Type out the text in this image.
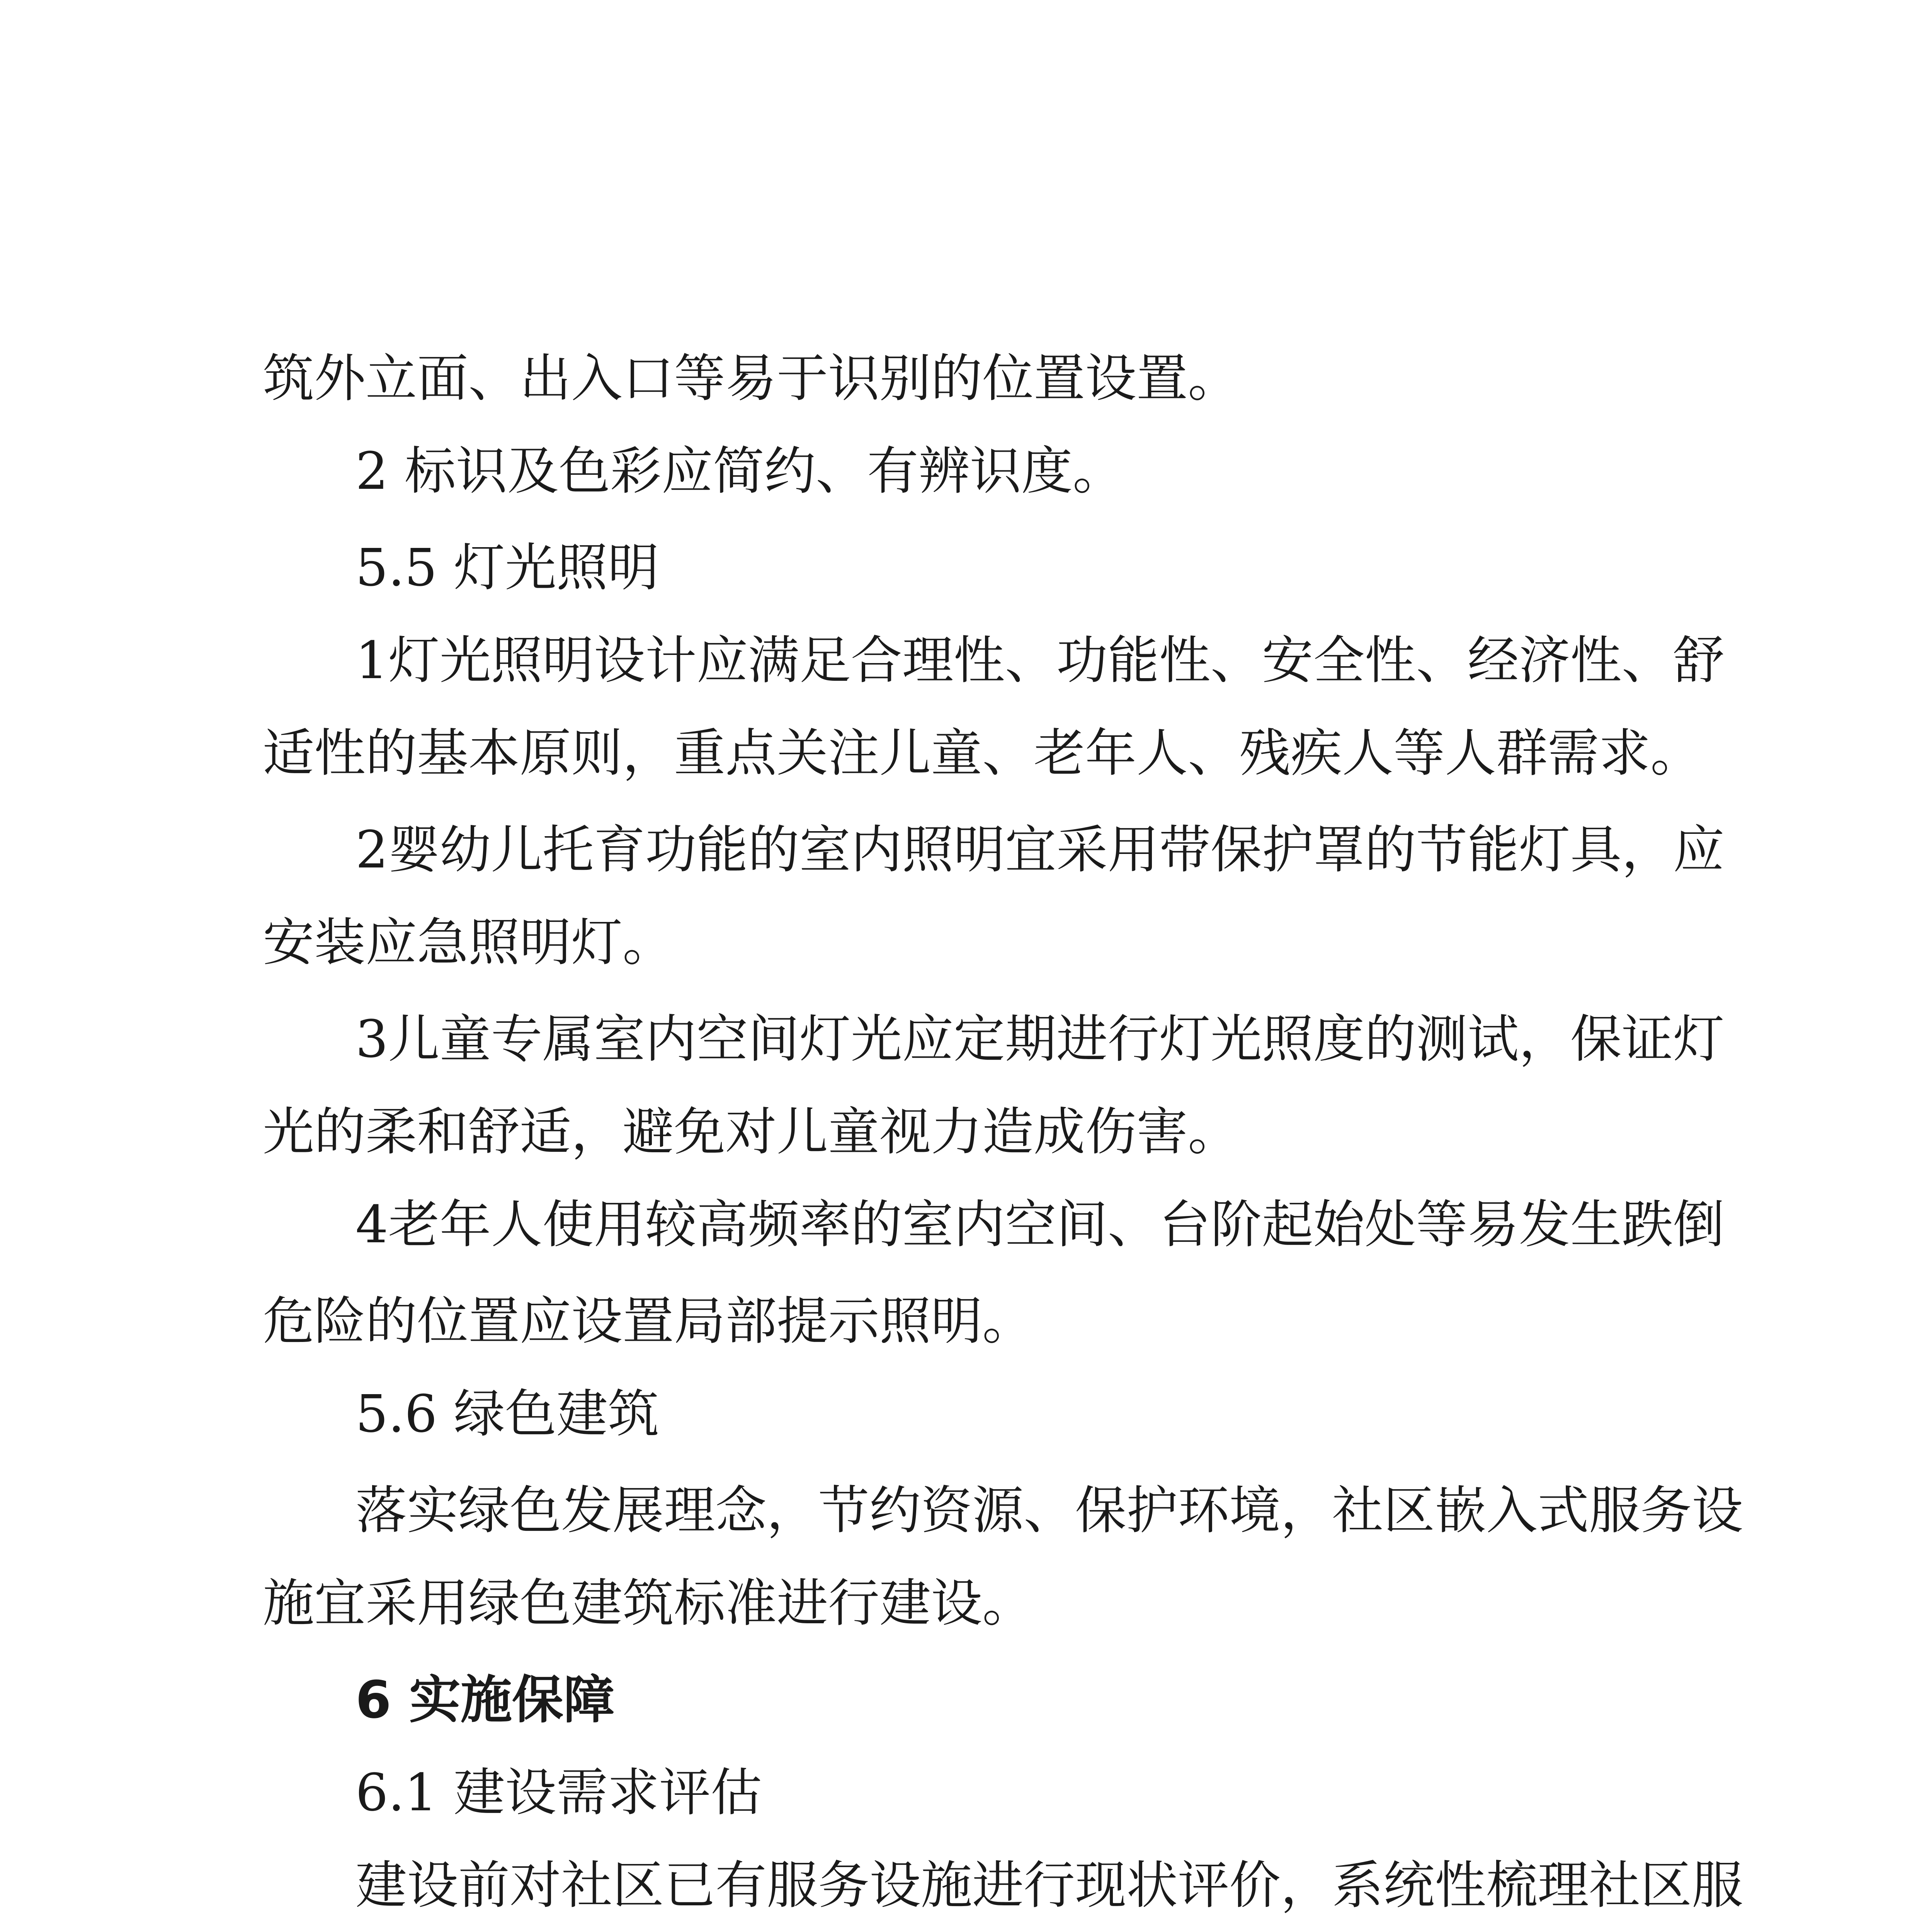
筑外立面、出入口等易于识别的位置设置。
2 标识及色彩应简约、有辨识度。
5.5 灯光照明
1 灯 光 照 明 设 计 应 满 足 合 理 性 、 功 能 性 、 安 全 性 、 经 济 性 、 舒
适 性 的 基 本 原 则 ， 重 点 关 注 儿 童 、 老 年 人 、 残 疾 人 等 人 群 需 求 。
2 婴 幼 儿 托 育 功 能 的 室 内 照 明 宜 采 用 带 保 护 罩 的 节 能 灯 具 ， 应
安装应急照明灯。
3 儿 童 专 属 室 内 空 间 灯 光 应 定 期 进 行 灯 光 照 度 的 测 试 ， 保 证 灯
光的柔和舒适，避免对儿童视力造成伤害。
4 老 年 人 使 用 较 高 频 率 的 室 内 空 间 、 台 阶 起 始 处 等 易 发 生 跌 倒
危险的位置应设置局部提示照明。
5.6 绿色建筑
落 实 绿 色 发 展 理 念 ， 节 约 资 源 、 保 护 环 境 ， 社 区 嵌 入 式 服 务 设
施宜采用绿色建筑标准进行建设。
6 实施保障
6.1 建设需求评估
建 设 前 对 社 区 已 有 服 务 设 施 进 行 现 状 评 价 ， 系 统 性 梳 理 社 区 服
